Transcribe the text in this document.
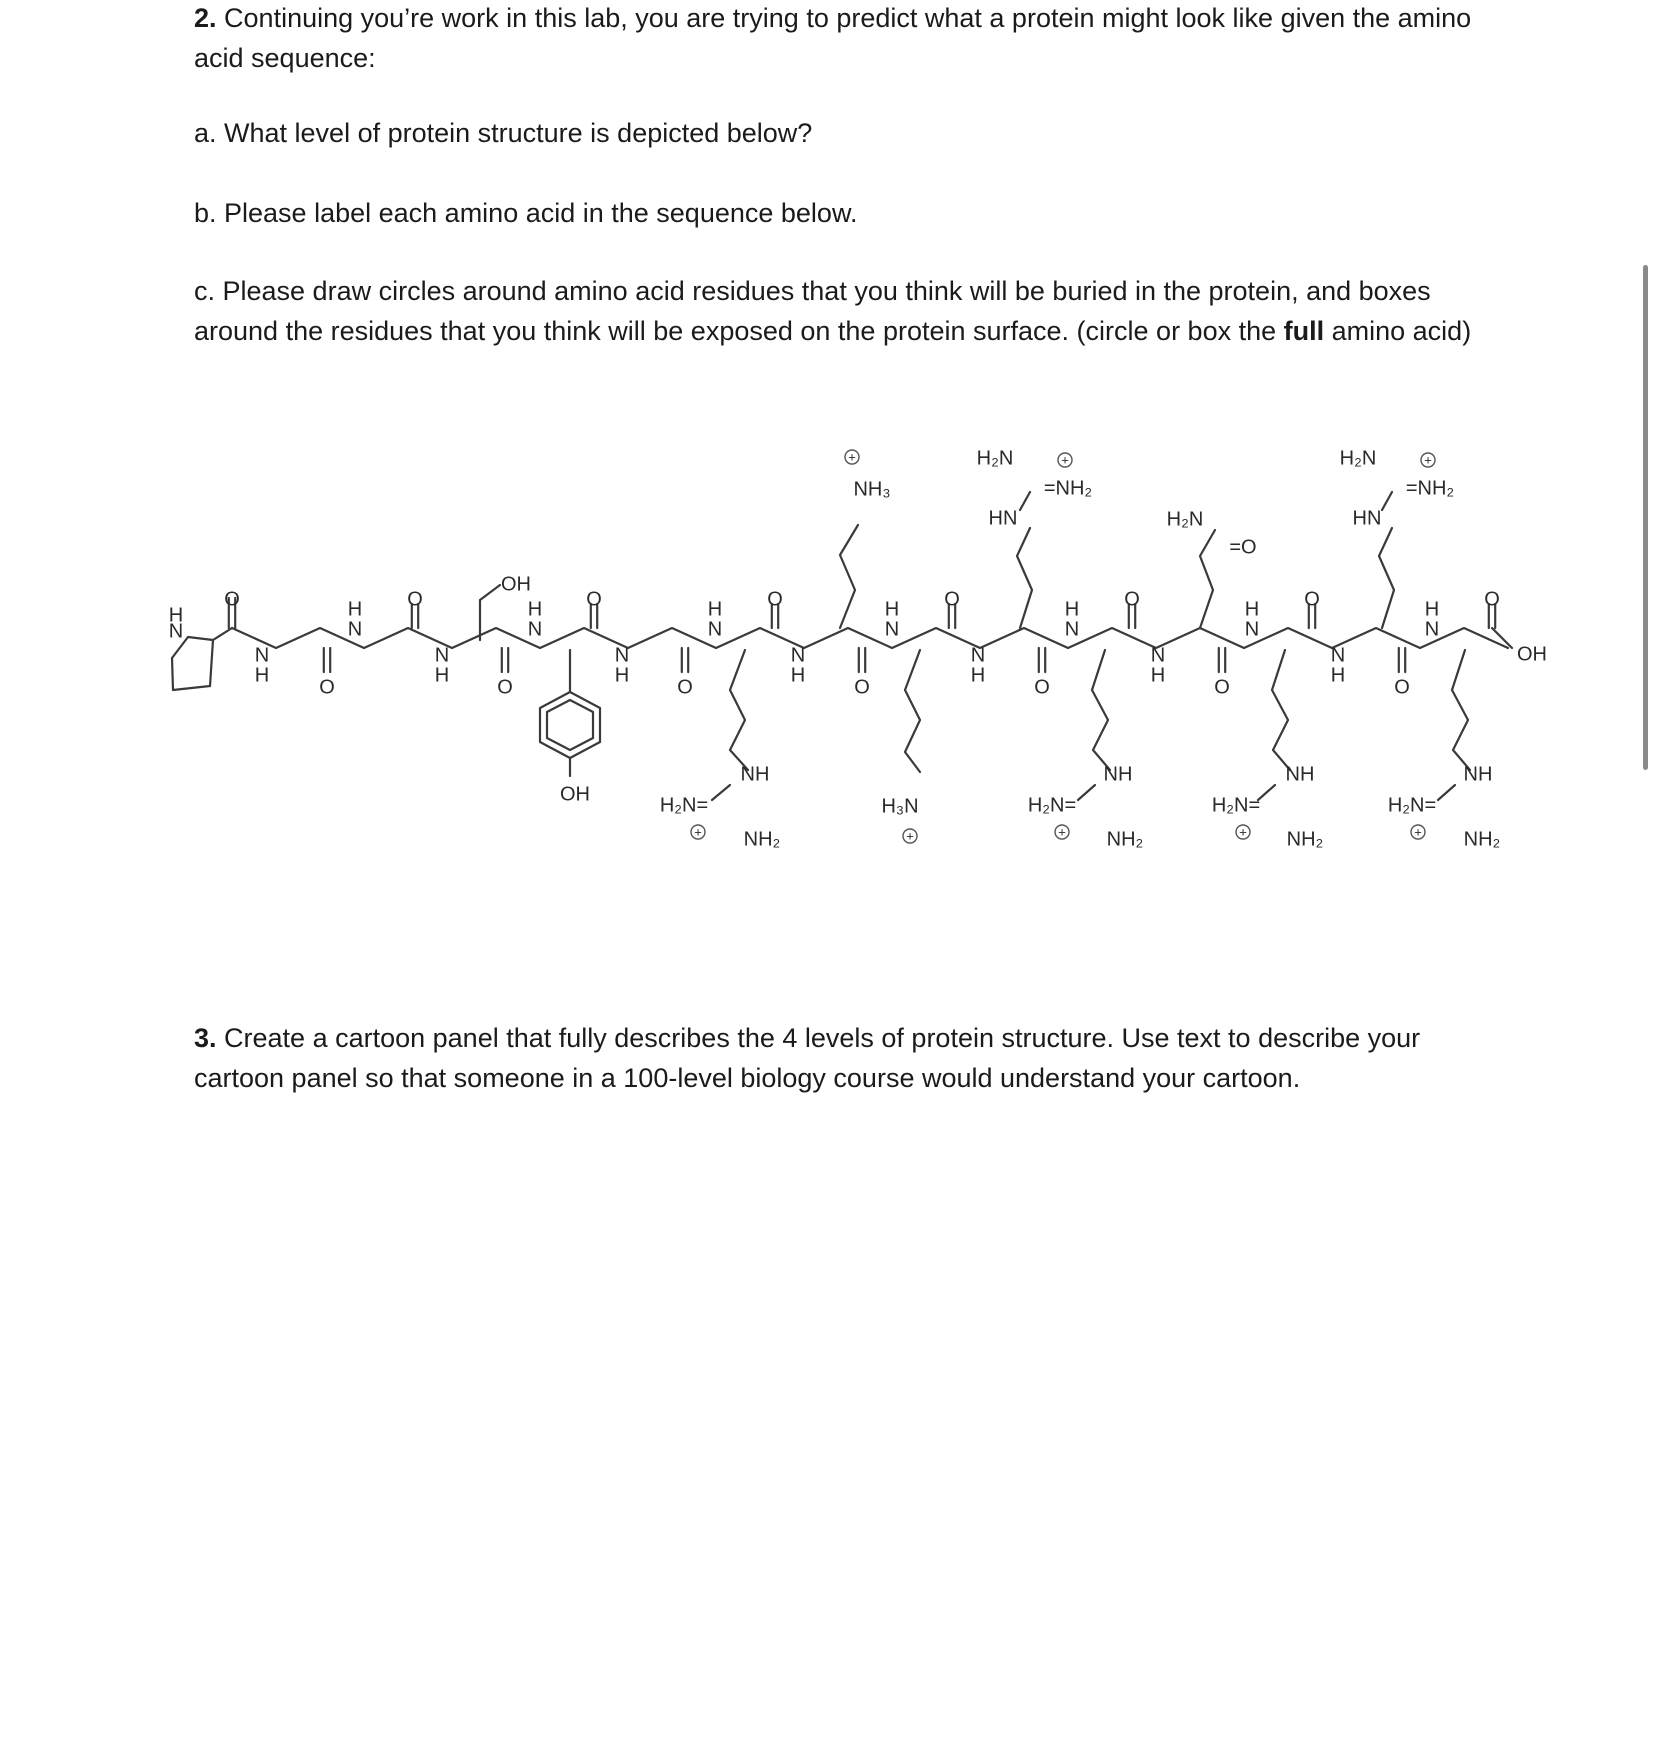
2. Continuing you’re work in this lab, you are trying to predict what a protein might look like given the amino acid sequence:

a. What level of protein structure is depicted below?

b. Please label each amino acid in the sequence below.

c. Please draw circles around amino acid residues that you think will be buried in the protein, and boxes around the residues that you think will be exposed on the protein surface. (circle or box the full amino acid)

N
H
O
N
H
N
H
N
H
N
H
N
H
N
H
N
H
N
H
N
H
N
H
N
H
N
H
N
H
N
H
O	O	O	O	O	O	O
O	O	O	O	O	O	O
OH
OH
OH
NH
H₂N=
+ NH₂
NH₃
+
H₃N
+
HN
H₂N
=NH₂
+
NH
H₂N=
+ NH₂
H₂N
=O
NH
H₂N=
+ NH₂
HN
H₂N
=NH₂
+
NH
H₂N=
+ NH₂

3. Create a cartoon panel that fully describes the 4 levels of protein structure. Use text to describe your cartoon panel so that someone in a 100-level biology course would understand your cartoon.
